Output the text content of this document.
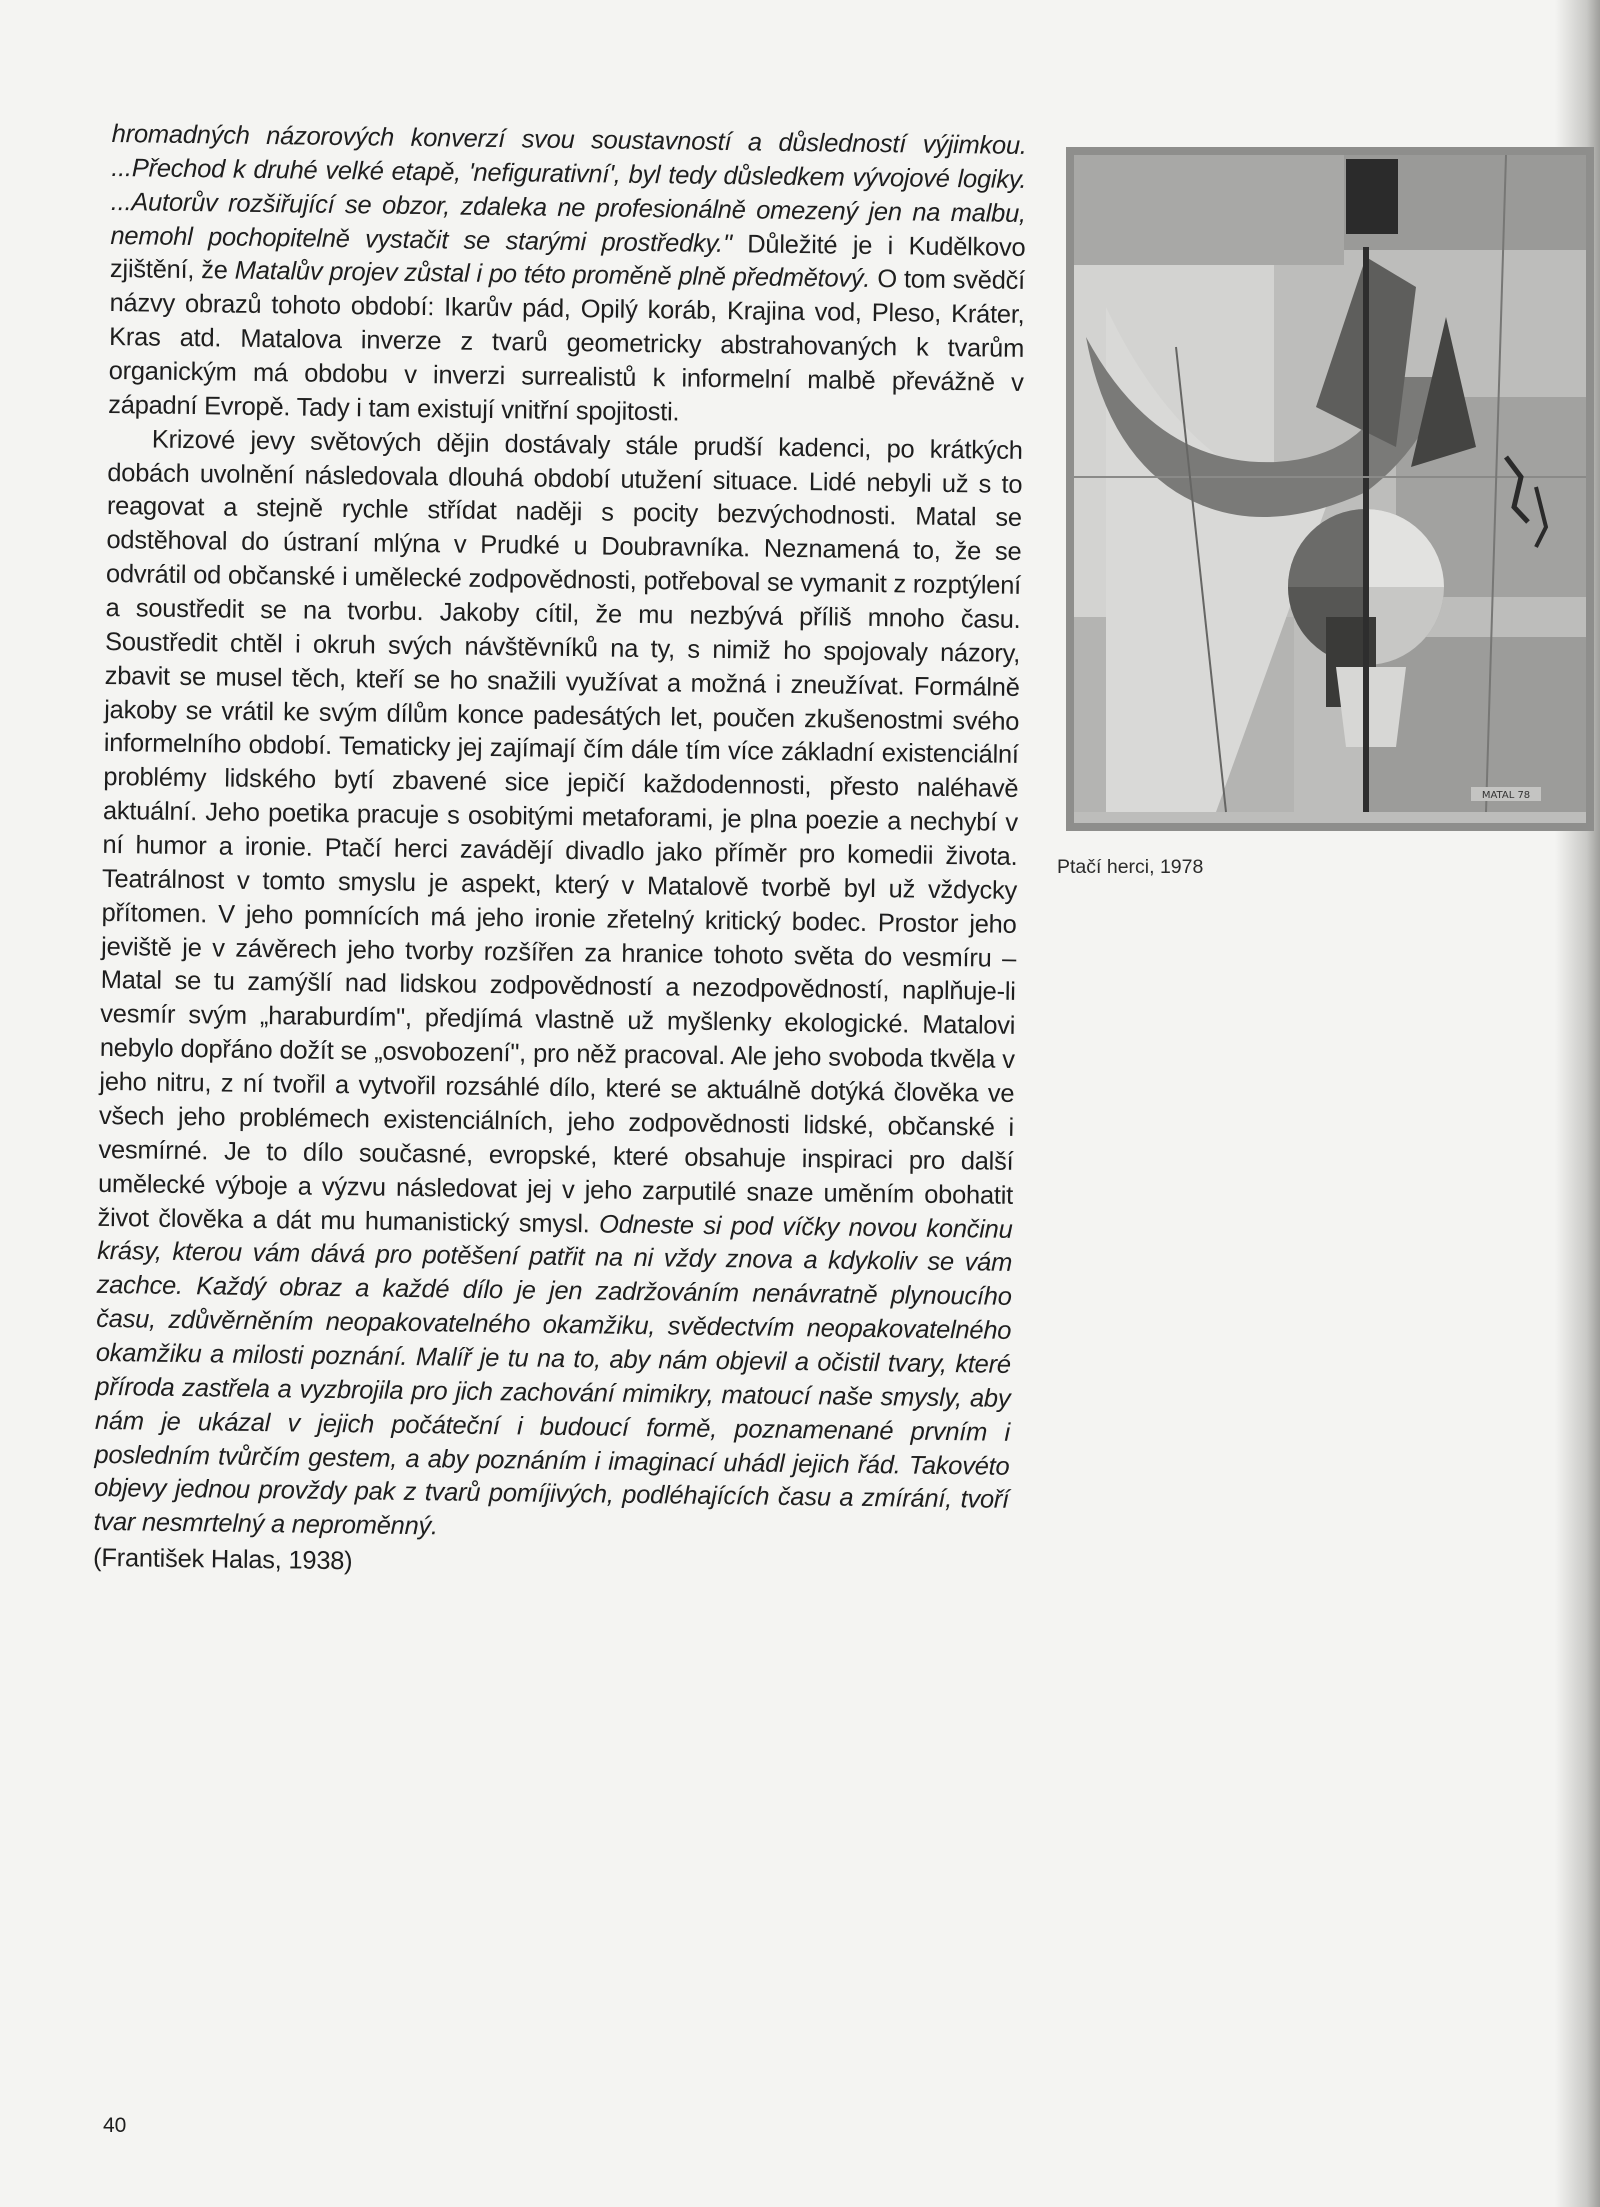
hromadných názorových konverzí svou soustavností a důsledností výjimkou. ...Přechod k druhé velké etapě, 'nefigurativní', byl tedy důsledkem vývojové logiky. ...Autorův rozšiřující se obzor, zdaleka ne profesionálně omezený jen na malbu, nemohl pochopitelně vystačit se starými prostředky." Důležité je i Kudělkovo zjištění, že Matalův projev zůstal i po této proměně plně předmětový. O tom svědčí názvy obrazů tohoto období: Ikarův pád, Opilý koráb, Krajina vod, Pleso, Kráter, Kras atd. Matalova inverze z tvarů geometricky abstrahovaných k tvarům organickým má obdobu v inverzi surrealistů k informelní malbě převážně v západní Evropě. Tady i tam existují vnitřní spojitosti.

Krizové jevy světových dějin dostávaly stále prudší kadenci, po krátkých dobách uvolnění následovala dlouhá období utužení situace. Lidé nebyli už s to reagovat a stejně rychle střídat naději s pocity bezvýchodnosti. Matal se odstěhoval do ústraní mlýna v Prudké u Doubravníka. Neznamená to, že se odvrátil od občanské i umělecké zodpovědnosti, potřeboval se vymanit z rozptýlení a soustředit se na tvorbu. Jakoby cítil, že mu nezbývá příliš mnoho času. Soustředit chtěl i okruh svých návštěvníků na ty, s nimiž ho spojovaly názory, zbavit se musel těch, kteří se ho snažili využívat a možná i zneužívat. Formálně jakoby se vrátil ke svým dílům konce padesátých let, poučen zkušenostmi svého informelního období. Tematicky jej zajímají čím dále tím více základní existenciální problémy lidského bytí zbavené sice jepičí každodennosti, přesto naléhavě aktuální. Jeho poetika pracuje s osobitými metaforami, je plna poezie a nechybí v ní humor a ironie. Ptačí herci zavádějí divadlo jako příměr pro komedii života. Teatrálnost v tomto smyslu je aspekt, který v Matalově tvorbě byl už vždycky přítomen. V jeho pomnících má jeho ironie zřetelný kritický bodec. Prostor jeho jeviště je v závěrech jeho tvorby rozšířen za hranice tohoto světa do vesmíru – Matal se tu zamýšlí nad lidskou zodpovědností a nezodpovědností, naplňuje-li vesmír svým „haraburdím", předjímá vlastně už myšlenky ekologické. Matalovi nebylo dopřáno dožít se „osvobození", pro něž pracoval. Ale jeho svoboda tkvěla v jeho nitru, z ní tvořil a vytvořil rozsáhlé dílo, které se aktuálně dotýká člověka ve všech jeho problémech existenciálních, jeho zodpovědnosti lidské, občanské i vesmírné. Je to dílo současné, evropské, které obsahuje inspiraci pro další umělecké výboje a výzvu následovat jej v jeho zarputilé snaze uměním obohatit život člověka a dát mu humanistický smysl. Odneste si pod víčky novou končinu krásy, kterou vám dává pro potěšení patřit na ni vždy znova a kdykoliv se vám zachce. Každý obraz a každé dílo je jen zadržováním nenávratně plynoucího času, zdůvěrněním neopakovatelného okamžiku, svědectvím neopakovatelného okamžiku a milosti poznání. Malíř je tu na to, aby nám objevil a očistil tvary, které příroda zastřela a vyzbrojila pro jich zachování mimikry, matoucí naše smysly, aby nám je ukázal v jejich počáteční i budoucí formě, poznamenané prvním i posledním tvůrčím gestem, a aby poznáním i imaginací uhádl jejich řád. Takovéto objevy jednou provždy pak z tvarů pomíjivých, podléhajících času a zmírání, tvoří tvar nesmrtelný a neproměnný.

(František Halas, 1938)

MATAL 78
Ptačí herci, 1978
40
